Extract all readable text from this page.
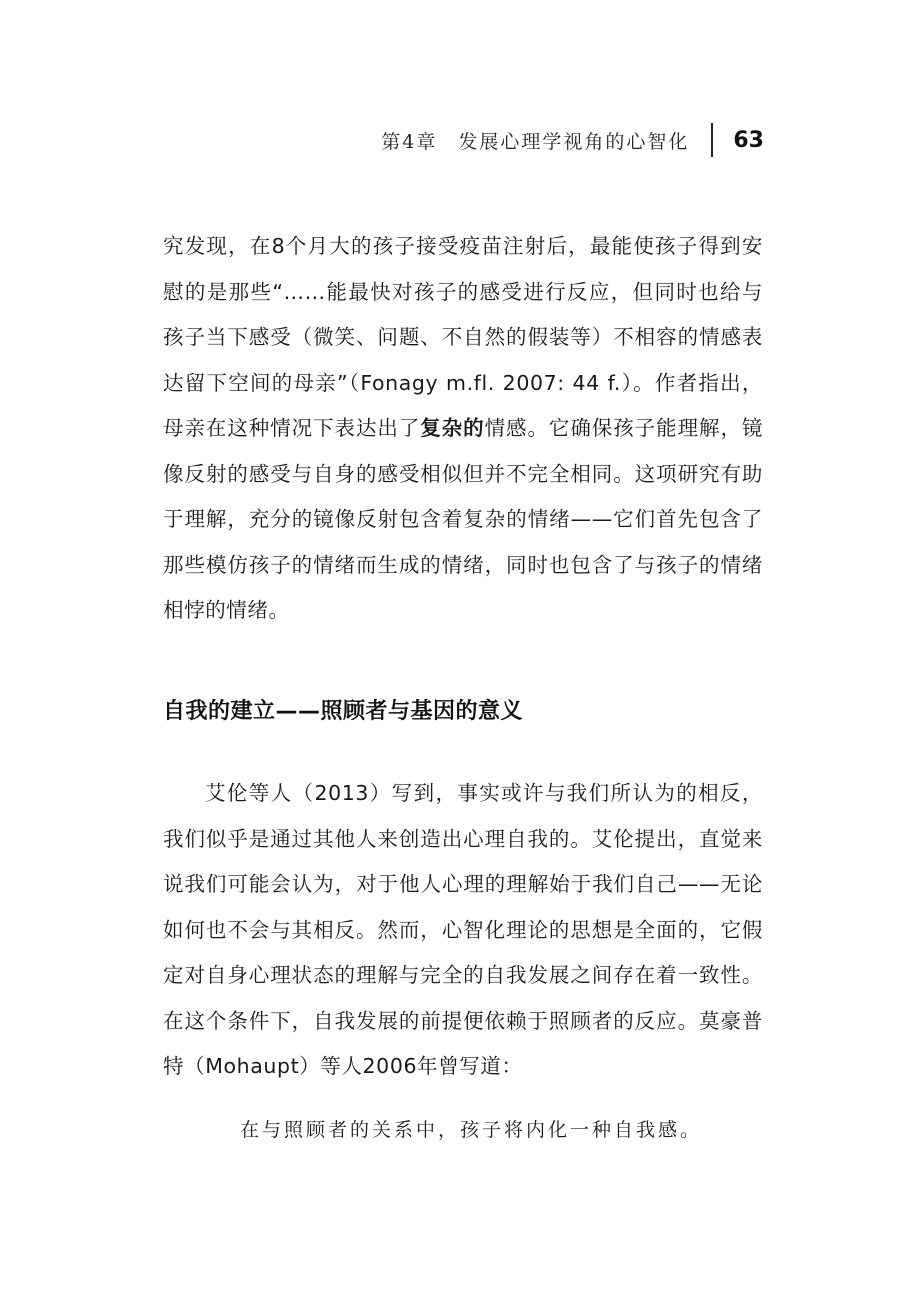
第4章　发展心理学视角的心智化 63

究发现，在8个月大的孩子接受疫苗注射后，最能使孩子得到安慰的是那些“……能最快对孩子的感受进行反应，但同时也给与孩子当下感受（微笑、问题、不自然的假装等）不相容的情感表达留下空间的母亲”（Fonagy m.fl. 2007: 44 f.）。作者指出，母亲在这种情况下表达出了复杂的情感。它确保孩子能理解，镜像反射的感受与自身的感受相似但并不完全相同。这项研究有助于理解，充分的镜像反射包含着复杂的情绪——它们首先包含了那些模仿孩子的情绪而生成的情绪，同时也包含了与孩子的情绪相悖的情绪。

自我的建立——照顾者与基因的意义

艾伦等人（2013）写到，事实或许与我们所认为的相反，我们似乎是通过其他人来创造出心理自我的。艾伦提出，直觉来说我们可能会认为，对于他人心理的理解始于我们自己——无论如何也不会与其相反。然而，心智化理论的思想是全面的，它假定对自身心理状态的理解与完全的自我发展之间存在着一致性。在这个条件下，自我发展的前提便依赖于照顾者的反应。莫豪普特（Mohaupt）等人2006年曾写道：

在与照顾者的关系中，孩子将内化一种自我感。
